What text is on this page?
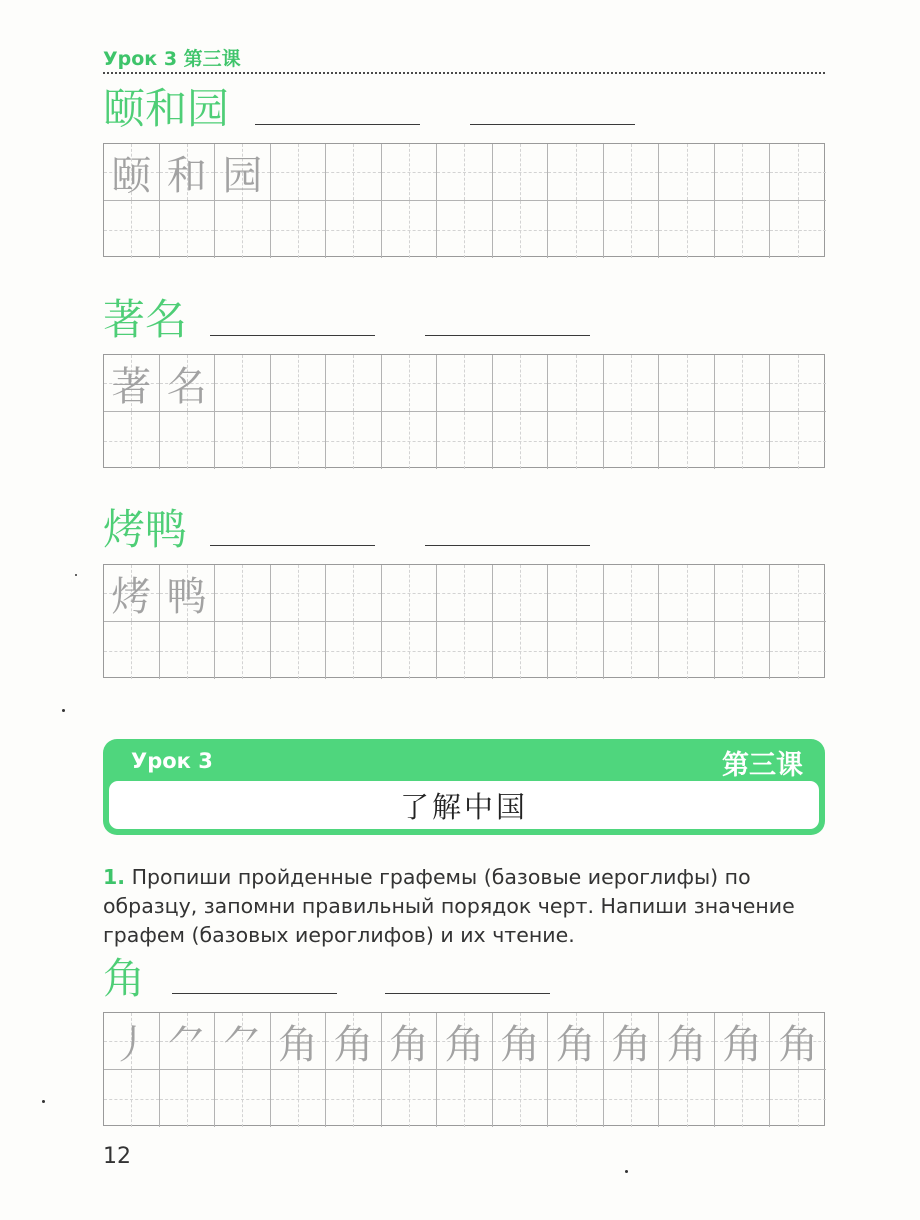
Урок 3 第三课
颐和园
颐 和 园
著名
著 名
烤鸭
烤 鸭
Урок 3	第三课
了解中国
1. Пропиши пройденные графемы (базовые иероглифы) по образцу, запомни правильный порядок черт. Напиши значение графем (базовых иероглифов) и их чтение.
角
丿 ⺈ ⺈ 角 角 角 角 角 角 角 角 角 角
12
